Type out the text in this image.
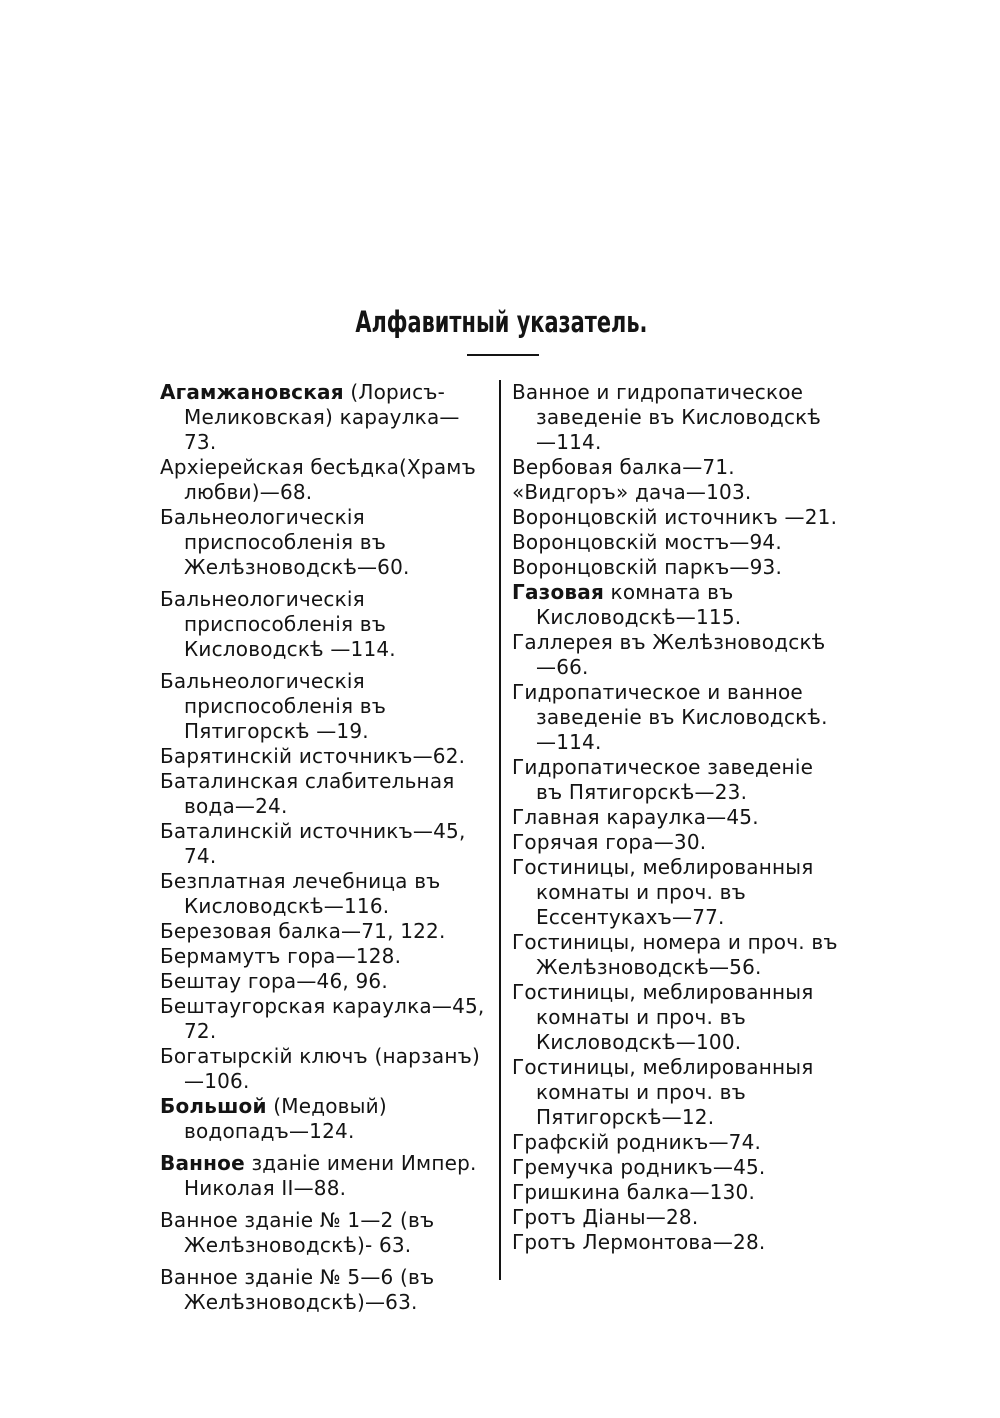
Алфавитный указатель.
Агамжановская (Лорисъ-Меликовская) караулка—73.
Архіерейская бесѣдка(Храмъ любви)—68.
Бальнеологическія приспособленія въ Желѣзноводскѣ—60.
Бальнеологическія приспособленія въ Кисловодскѣ —114.
Бальнеологическія приспособленія въ Пятигорскѣ —19.
Барятинскій источникъ—62.
Баталинская слабительная вода—24.
Баталинскій источникъ—45, 74.
Безплатная лечебница въ Кисловодскѣ—116.
Березовая балка—71, 122.
Бермамутъ гора—128.
Бештау гора—46, 96.
Бештаугорская караулка—45, 72.
Богатырскій ключъ (нарзанъ)—106.
Большой (Медовый) водопадъ—124.
Ванное зданіе имени Импер. Николая II—88.
Ванное зданіе № 1—2 (въ Желѣзноводскѣ)- 63.
Ванное зданіе № 5—6 (въ Желѣзноводскѣ)—63.
Ванное и гидропатическое заведеніе въ Кисловодскѣ —114.
Вербовая балка—71.
«Видгоръ» дача—103.
Воронцовскій источникъ —21.
Воронцовскій мостъ—94.
Воронцовскій паркъ—93.
Газовая комната въ Кисловодскѣ—115.
Галлерея въ Желѣзноводскѣ—66.
Гидропатическое и ванное заведеніе въ Кисловодскѣ. —114.
Гидропатическое заведеніе въ Пятигорскѣ—23.
Главная караулка—45.
Горячая гора—30.
Гостиницы, меблированныя комнаты и проч. въ Ессентукахъ—77.
Гостиницы, номера и проч. въ Желѣзноводскѣ—56.
Гостиницы, меблированныя комнаты и проч. въ Кисловодскѣ—100.
Гостиницы, меблированныя комнаты и проч. въ Пятигорскѣ—12.
Графскій родникъ—74.
Гремучка родникъ—45.
Гришкина балка—130.
Гротъ Діаны—28.
Гротъ Лермонтова—28.
